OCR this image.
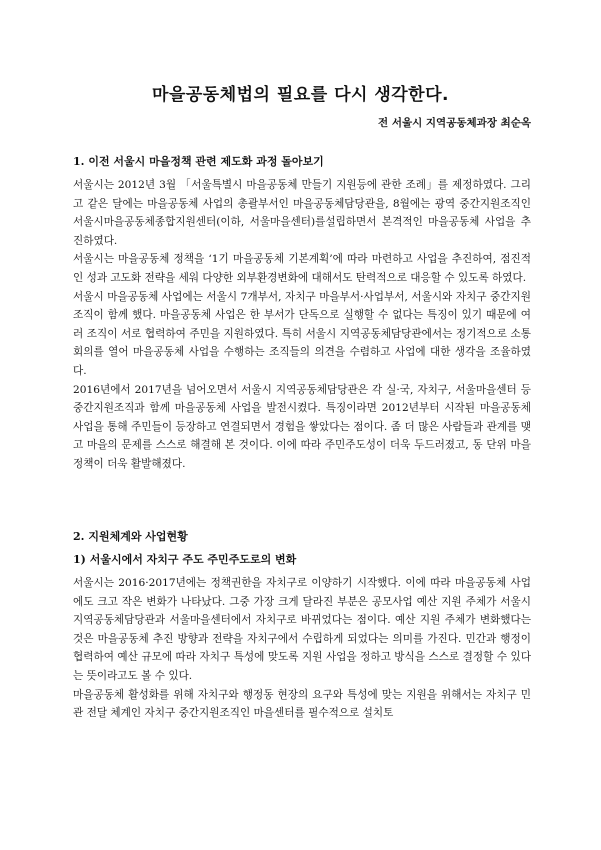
마을공동체법의 필요를 다시 생각한다.
전 서울시 지역공동체과장 최순옥
1. 이전 서울시 마을정책 관련 제도화 과정 돌아보기

서울시는 2012년 3월 「서울특별시 마을공동체 만들기 지원등에 관한 조례」를 제정하였다. 그리고 같은 달에는 마을공동체 사업의 총괄부서인 마을공동체담당관을, 8월에는 광역 중간지원조직인 서울시마을공동체종합지원센터(이하, 서울마을센터)를설립하면서 본격적인 마을공동체 사업을 추진하였다.

서울시는 마을공동체 정책을 ‘1기 마을공동체 기본계획’에 따라 마련하고 사업을 추진하여, 점진적인 성과 고도화 전략을 세워 다양한 외부환경변화에 대해서도 탄력적으로 대응할 수 있도록 하였다.

서울시 마을공동체 사업에는 서울시 7개부서, 자치구 마을부서·사업부서, 서울시와 자치구 중간지원조직이 함께 했다. 마을공동체 사업은 한 부서가 단독으로 실행할 수 없다는 특징이 있기 때문에 여러 조직이 서로 협력하여 주민을 지원하였다. 특히 서울시 지역공동체담당관에서는 정기적으로 소통회의를 열어 마을공동체 사업을 수행하는 조직들의 의견을 수렴하고 사업에 대한 생각을 조율하였다.

2016년에서 2017년을 넘어오면서 서울시 지역공동체담당관은 각 실·국, 자치구, 서울마을센터 등 중간지원조직과 함께 마을공동체 사업을 발전시켰다. 특징이라면 2012년부터 시작된 마을공동체 사업을 통해 주민들이 등장하고 연결되면서 경험을 쌓았다는 점이다. 좀 더 많은 사람들과 관계를 맺고 마을의 문제를 스스로 해결해 본 것이다. 이에 따라 주민주도성이 더욱 두드러졌고, 동 단위 마을 정책이 더욱 활발해졌다.

2. 지원체계와 사업현황
1) 서울시에서 자치구 주도 주민주도로의 변화

서울시는 2016·2017년에는 정책권한을 자치구로 이양하기 시작했다. 이에 따라 마을공동체 사업에도 크고 작은 변화가 나타났다. 그중 가장 크게 달라진 부분은 공모사업 예산 지원 주체가 서울시 지역공동체담당관과 서울마을센터에서 자치구로 바뀌었다는 점이다. 예산 지원 주체가 변화했다는 것은 마을공동체 추진 방향과 전략을 자치구에서 수립하게 되었다는 의미를 가진다. 민간과 행정이 협력하여 예산 규모에 따라 자치구 특성에 맞도록 지원 사업을 정하고 방식을 스스로 결정할 수 있다는 뜻이라고도 볼 수 있다.

마을공동체 활성화를 위해 자치구와 행정동 현장의 요구와 특성에 맞는 지원을 위해서는 자치구 민관 전달 체계인 자치구 중간지원조직인 마을센터를 필수적으로 설치토
